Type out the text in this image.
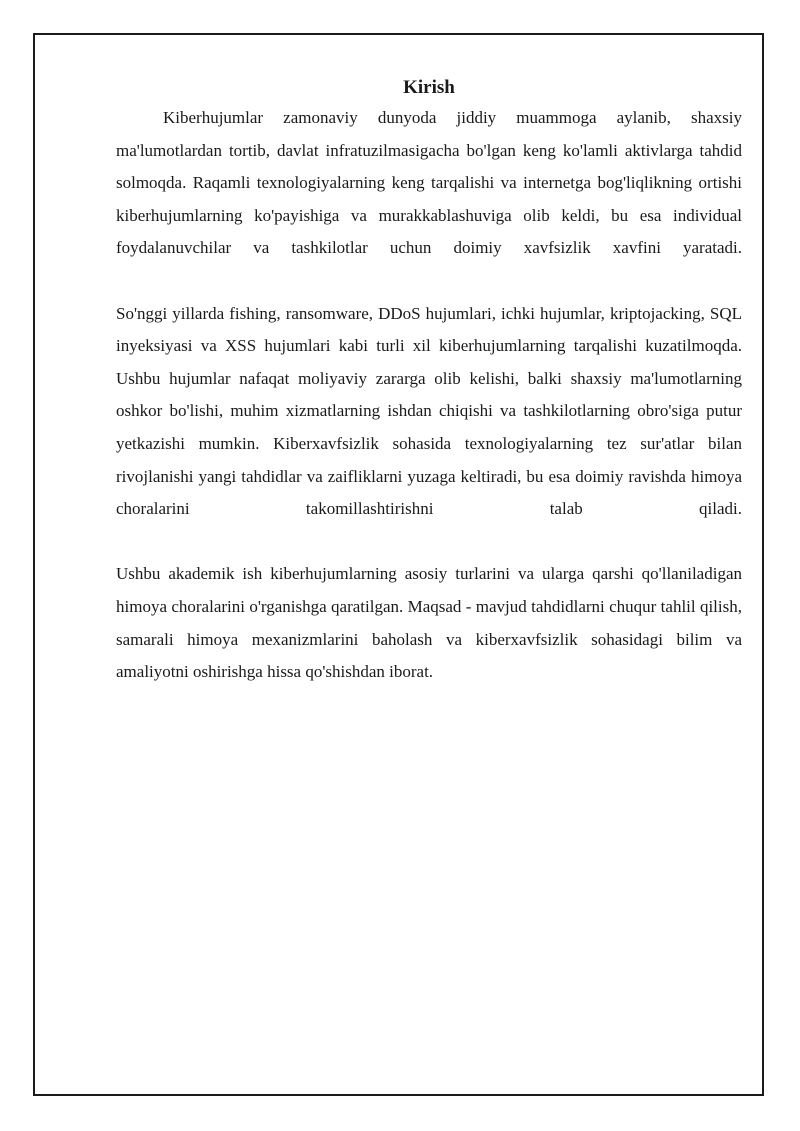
Kirish

Kiberhujumlar zamonaviy dunyoda jiddiy muammoga aylanib, shaxsiy ma'lumotlardan tortib, davlat infratuzilmasigacha bo'lgan keng ko'lamli aktivlarga tahdid solmoqda. Raqamli texnologiyalarning keng tarqalishi va internetga bog'liqlikning ortishi kiberhujumlarning ko'payishiga va murakkablashuviga olib keldi, bu esa individual foydalanuvchilar va tashkilotlar uchun doimiy xavfsizlik xavfini yaratadi.

So'nggi yillarda fishing, ransomware, DDoS hujumlari, ichki hujumlar, kriptojacking, SQL inyeksiyasi va XSS hujumlari kabi turli xil kiberhujumlarning tarqalishi kuzatilmoqda. Ushbu hujumlar nafaqat moliyaviy zararga olib kelishi, balki shaxsiy ma'lumotlarning oshkor bo'lishi, muhim xizmatlarning ishdan chiqishi va tashkilotlarning obro'siga putur yetkazishi mumkin. Kiberxavfsizlik sohasida texnologiyalarning tez sur'atlar bilan rivojlanishi yangi tahdidlar va zaifliklarni yuzaga keltiradi, bu esa doimiy ravishda himoya choralarini takomillashtirishni talab qiladi.

Ushbu akademik ish kiberhujumlarning asosiy turlarini va ularga qarshi qo'llaniladigan himoya choralarini o'rganishga qaratilgan. Maqsad - mavjud tahdidlarni chuqur tahlil qilish, samarali himoya mexanizmlarini baholash va kiberxavfsizlik sohasidagi bilim va amaliyotni oshirishga hissa qo'shishdan iborat.
